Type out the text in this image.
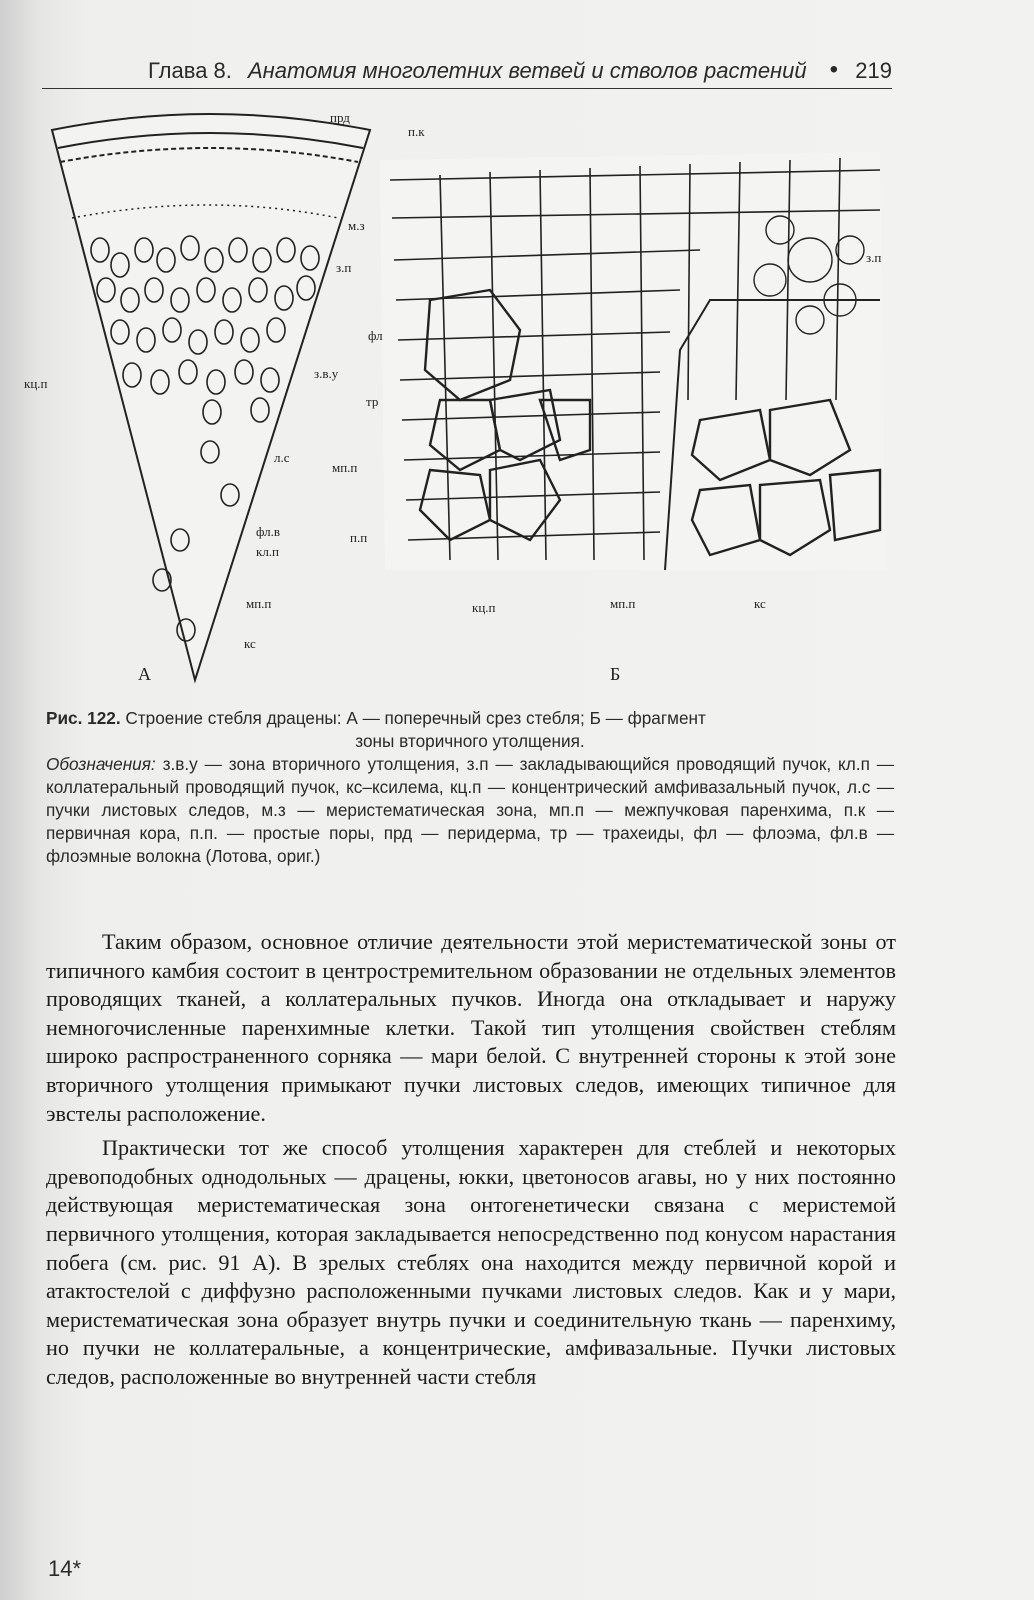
Глава 8. Анатомия многолетних ветвей и стволов растений • 219
прд
м.з
з.п
з.в.у
кц.п
л.с
фл.в
кл.п
мп.п
кс
А
п.к
з.п
фл
тр
мп.п
п.п
кц.п	мп.п	кс
Б
Рис. 122. Строение стебля драцены: А — поперечный срез стебля; Б — фрагмент
зоны вторичного утолщения.
Обозначения: з.в.у — зона вторичного утолщения, з.п — закладывающийся проводящий пучок, кл.п — коллатеральный проводящий пучок, кс–ксилема, кц.п — концентрический амфивазальный пучок, л.с — пучки листовых следов, м.з — меристематическая зона, мп.п — межпучковая паренхима, п.к — первичная кора, п.п. — простые поры, прд — перидерма, тр — трахеиды, фл — флоэма, фл.в — флоэмные волокна (Лотова, ориг.)

Таким образом, основное отличие деятельности этой меристематической зоны от типичного камбия состоит в центростремительном образовании не отдельных элементов проводящих тканей, а коллатеральных пучков. Иногда она откладывает и наружу немногочисленные паренхимные клетки. Такой тип утолщения свойствен стеблям широко распространенного сорняка — мари белой. С внутренней стороны к этой зоне вторичного утолщения примыкают пучки листовых следов, имеющих типичное для эвстелы расположение.

Практически тот же способ утолщения характерен для стеблей и некоторых древоподобных однодольных — драцены, юкки, цветоносов агавы, но у них постоянно действующая меристематическая зона онтогенетически связана с меристемой первичного утолщения, которая закладывается непосредственно под конусом нарастания побега (см. рис. 91 А). В зрелых стеблях она находится между первичной корой и атактостелой с диффузно расположенными пучками листовых следов. Как и у мари, меристематическая зона образует внутрь пучки и соединительную ткань — паренхиму, но пучки не коллатеральные, а концентрические, амфивазальные. Пучки листовых следов, расположенные во внутренней части стебля

14*
